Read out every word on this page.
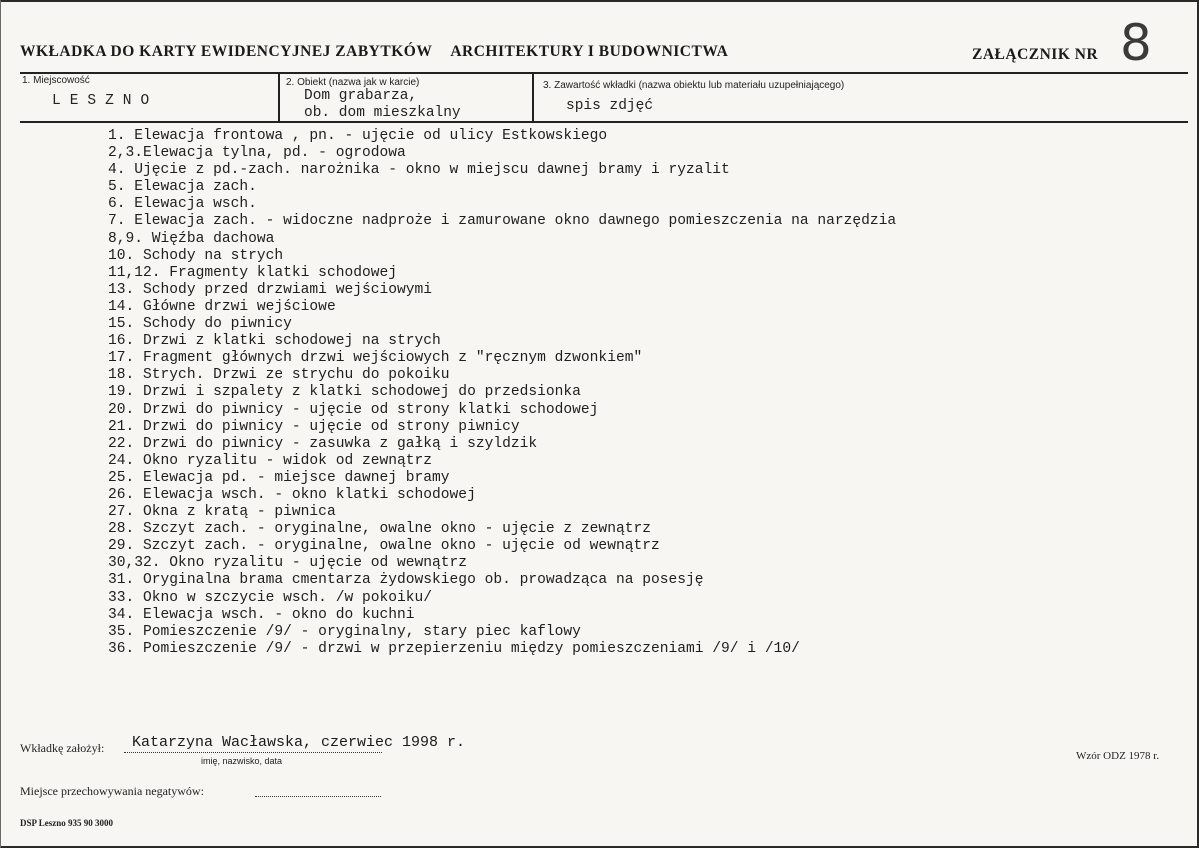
WKŁADKA DO KARTY EWIDENCYJNEJ ZABYTKÓW ARCHITEKTURY I BUDOWNICTWA	ZAŁĄCZNIK NR 8
1. Miejscowość
LESZNO
2. Obiekt (nazwa jak w karcie)
Dom grabarza,
ob. dom mieszkalny
3. Zawartość wkładki (nazwa obiektu lub materiału uzupełniającego)
spis zdjęć
1. Elewacja frontowa , pn. - ujęcie od ulicy Estkowskiego
2,3.Elewacja tylna, pd. - ogrodowa
4. Ujęcie z pd.-zach. narożnika - okno w miejscu dawnej bramy i ryzalit
5. Elewacja zach.
6. Elewacja wsch.
7. Elewacja zach. - widoczne nadproże i zamurowane okno dawnego pomieszczenia na narzędzia
8,9. Więźba dachowa
10. Schody na strych
11,12. Fragmenty klatki schodowej
13. Schody przed drzwiami wejściowymi
14. Główne drzwi wejściowe
15. Schody do piwnicy
16. Drzwi z klatki schodowej na strych
17. Fragment głównych drzwi wejściowych z "ręcznym dzwonkiem"
18. Strych. Drzwi ze strychu do pokoiku
19. Drzwi i szpalety z klatki schodowej do przedsionka
20. Drzwi do piwnicy - ujęcie od strony klatki schodowej
21. Drzwi do piwnicy - ujęcie od strony piwnicy
22. Drzwi do piwnicy - zasuwka z gałką i szyldzik
24. Okno ryzalitu - widok od zewnątrz
25. Elewacja pd. - miejsce dawnej bramy
26. Elewacja wsch. - okno klatki schodowej
27. Okna z kratą - piwnica
28. Szczyt zach. - oryginalne, owalne okno - ujęcie z zewnątrz
29. Szczyt zach. - oryginalne, owalne okno - ujęcie od wewnątrz
30,32. Okno ryzalitu - ujęcie od wewnątrz
31. Oryginalna brama cmentarza żydowskiego ob. prowadząca na posesję
33. Okno w szczycie wsch. /w pokoiku/
34. Elewacja wsch. - okno do kuchni
35. Pomieszczenie /9/ - oryginalny, stary piec kaflowy
36. Pomieszczenie /9/ - drzwi w przepierzeniu między pomieszczeniami /9/ i /10/
Wkładkę założył: Katarzyna Wacławska, czerwiec 1998 r.
imię, nazwisko, data	Wzór ODZ 1978 r.
Miejsce przechowywania negatywów:
DSP Leszno 935 90 3000
